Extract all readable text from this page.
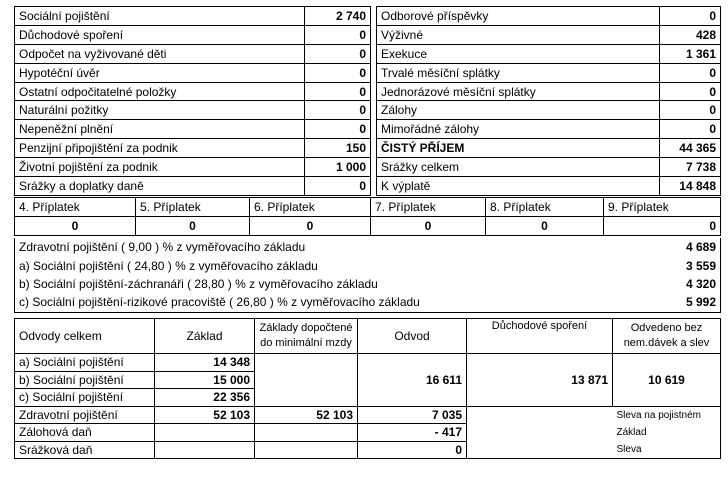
Sociální pojištění	2 740		Odborové příspěvky	0
Důchodové spoření	0		Výživné	428
Odpočet na vyživované děti	0		Exekuce	1 361
Hypotéční úvěr	0		Trvalé měsíční splátky	0
Ostatní odpočitatelné položky	0		Jednorázové měsíční splátky	0
Naturální požitky	0		Zálohy	0
Nepeněžní plnění	0		Mimořádné zálohy	0
Penzijní připojištění za podnik	150		ČISTÝ PŘÍJEM	44 365
Životní pojištění za podnik	1 000		Srážky celkem	7 738
Srážky a doplatky daně	0		K výplatě	14 848
4. Příplatek	5. Příplatek	6. Příplatek	7. Příplatek	8. Příplatek	9. Příplatek
0	0	0	0	0	0
Zdravotní pojištění ( 9,00 ) % z vyměřovacího základu	4 689
a) Sociální pojištění ( 24,80 ) % z vyměřovacího základu	3 559
b) Sociální pojištění-záchranáři ( 28,80 ) % z vyměřovacího základu	4 320
c) Sociální pojištění-rizikové pracoviště ( 26,80 ) % z vyměřovacího základu	5 992
Odvody celkem	Základ	Základy dopočtené do minimální mzdy	Odvod	Důchodové spoření	Odvedeno bez nem.dávek a slev
a) Sociální pojištění	14 348		16 611	13 871	10 619
b) Sociální pojištění	15 000				
c) Sociální pojištění	22 356				
Zdravotní pojištění	52 103	52 103	7 035		Sleva na pojistném
Zálohová daň			- 417		Základ
Srážková daň			0		Sleva
